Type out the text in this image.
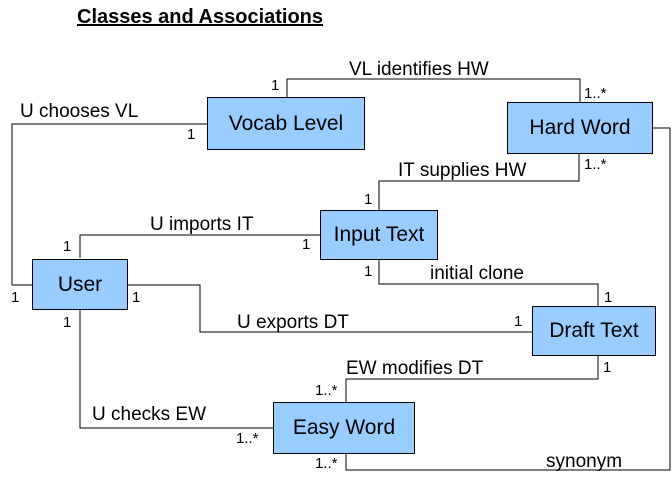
Classes and Associations
Vocab Level	Hard Word
Input Text
User
Draft Text
Easy Word
VL identifies HW
U chooses VL
IT supplies HW
U imports IT
initial clone
U exports DT
EW modifies DT
U checks EW
synonym
1	1..*
1
1
1..*
1
1	1
1
1
1
1
1
1..*
1
1..*
1..*
